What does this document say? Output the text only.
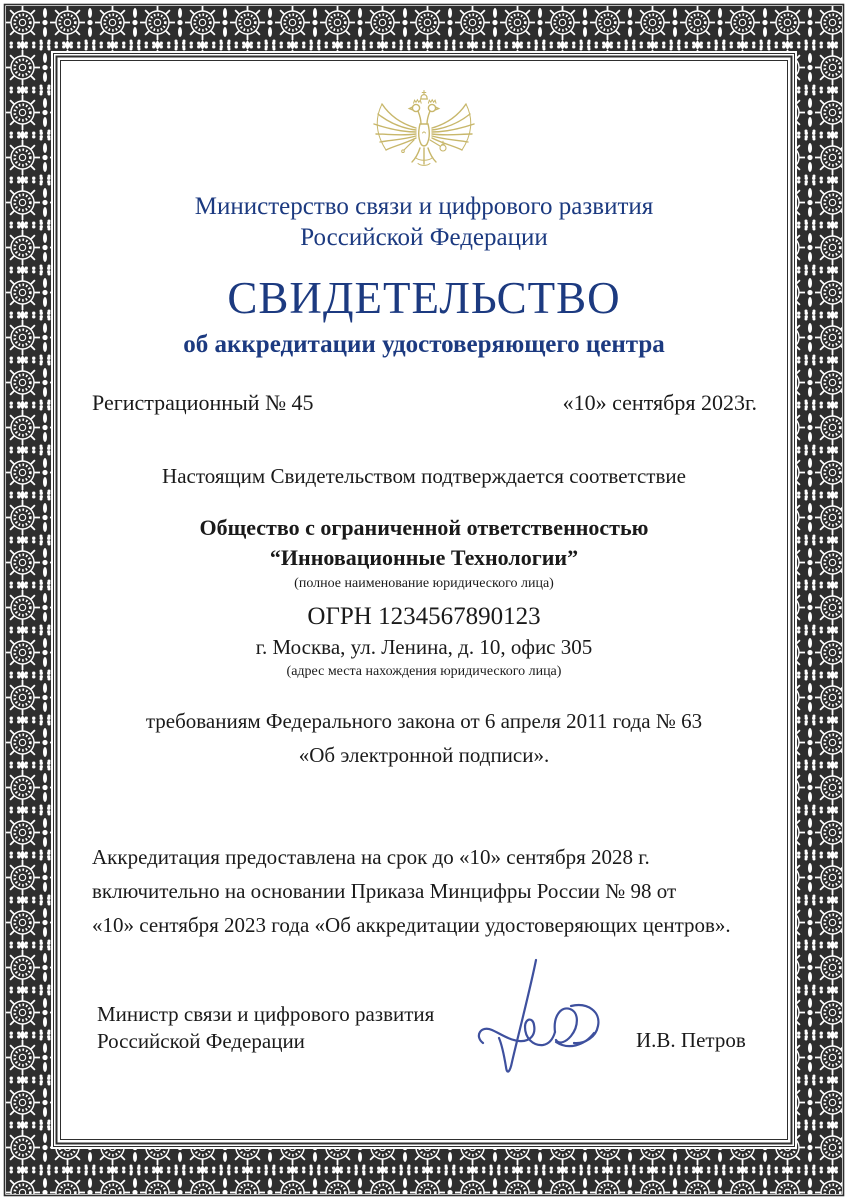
Министерство связи и цифрового развития
Российской Федерации
СВИДЕТЕЛЬСТВО
об аккредитации удостоверяющего центра
Регистрационный № 45	«10» сентября 2023г.
Настоящим Свидетельством подтверждается соответствие
Общество с ограниченной ответственностью
“Инновационные Технологии”
(полное наименование юридического лица)
ОГРН 1234567890123
г. Москва, ул. Ленина, д. 10, офис 305
(адрес места нахождения юридического лица)
требованиям Федерального закона от 6 апреля 2011 года № 63
«Об электронной подписи».
Аккредитация предоставлена на срок до «10» сентября 2028 г.
включительно на основании Приказа Минцифры России № 98 от
«10» сентября 2023 года «Об аккредитации удостоверяющих центров».
Министр связи и цифрового развития
Российской Федерации	И.В. Петров
